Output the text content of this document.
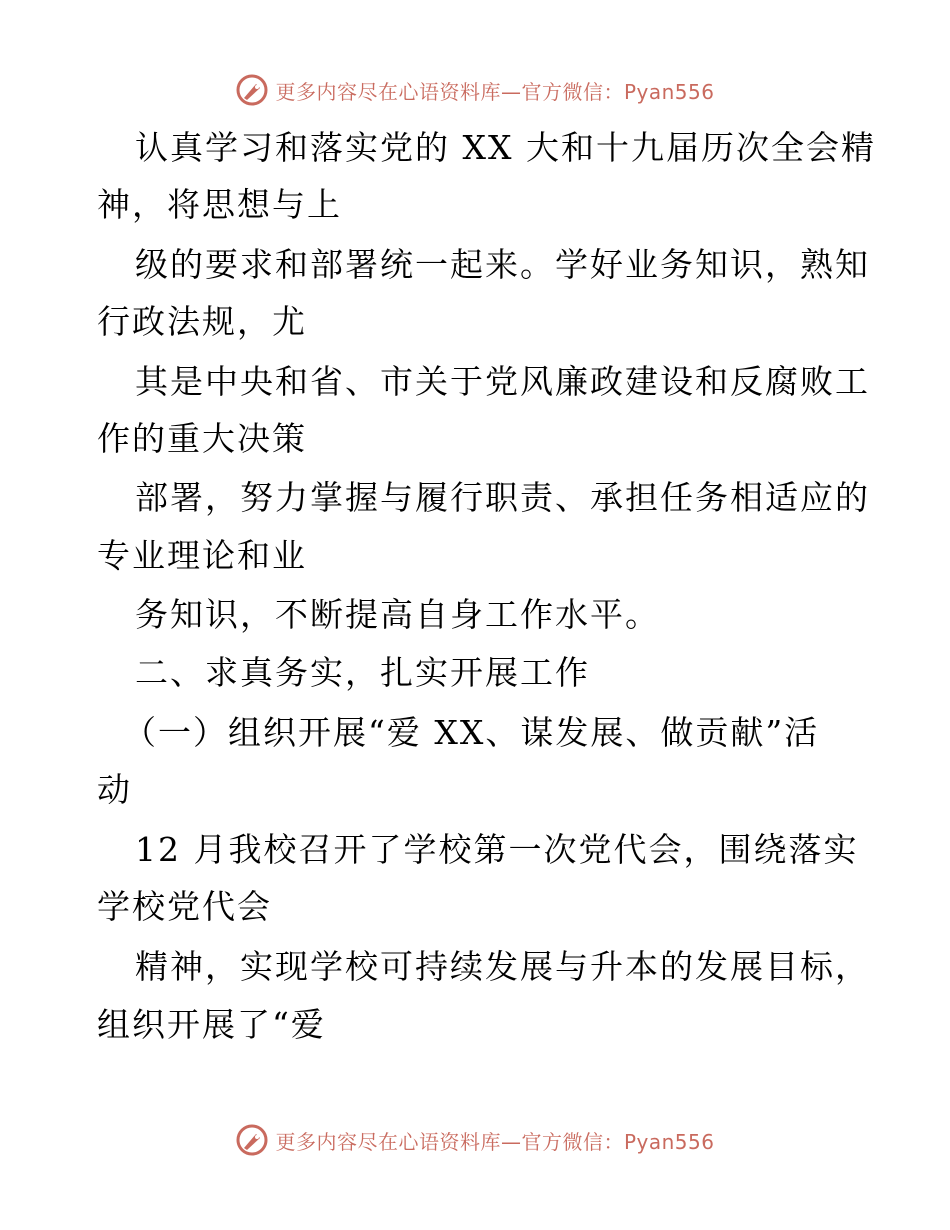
更多内容尽在心语资料库—官方微信：Pyan556
认真学习和落实党的 XX 大和十九届历次全会精
神，将思想与上
级的要求和部署统一起来。学好业务知识，熟知
行政法规，尤
其是中央和省、市关于党风廉政建设和反腐败工
作的重大决策
部署，努力掌握与履行职责、承担任务相适应的
专业理论和业
务知识，不断提高自身工作水平。
二、求真务实，扎实开展工作
（一）组织开展“爱 XX、谋发展、做贡献”活
动
12 月我校召开了学校第一次党代会，围绕落实
学校党代会
精神，实现学校可持续发展与升本的发展目标，
组织开展了“爱
更多内容尽在心语资料库—官方微信：Pyan556
